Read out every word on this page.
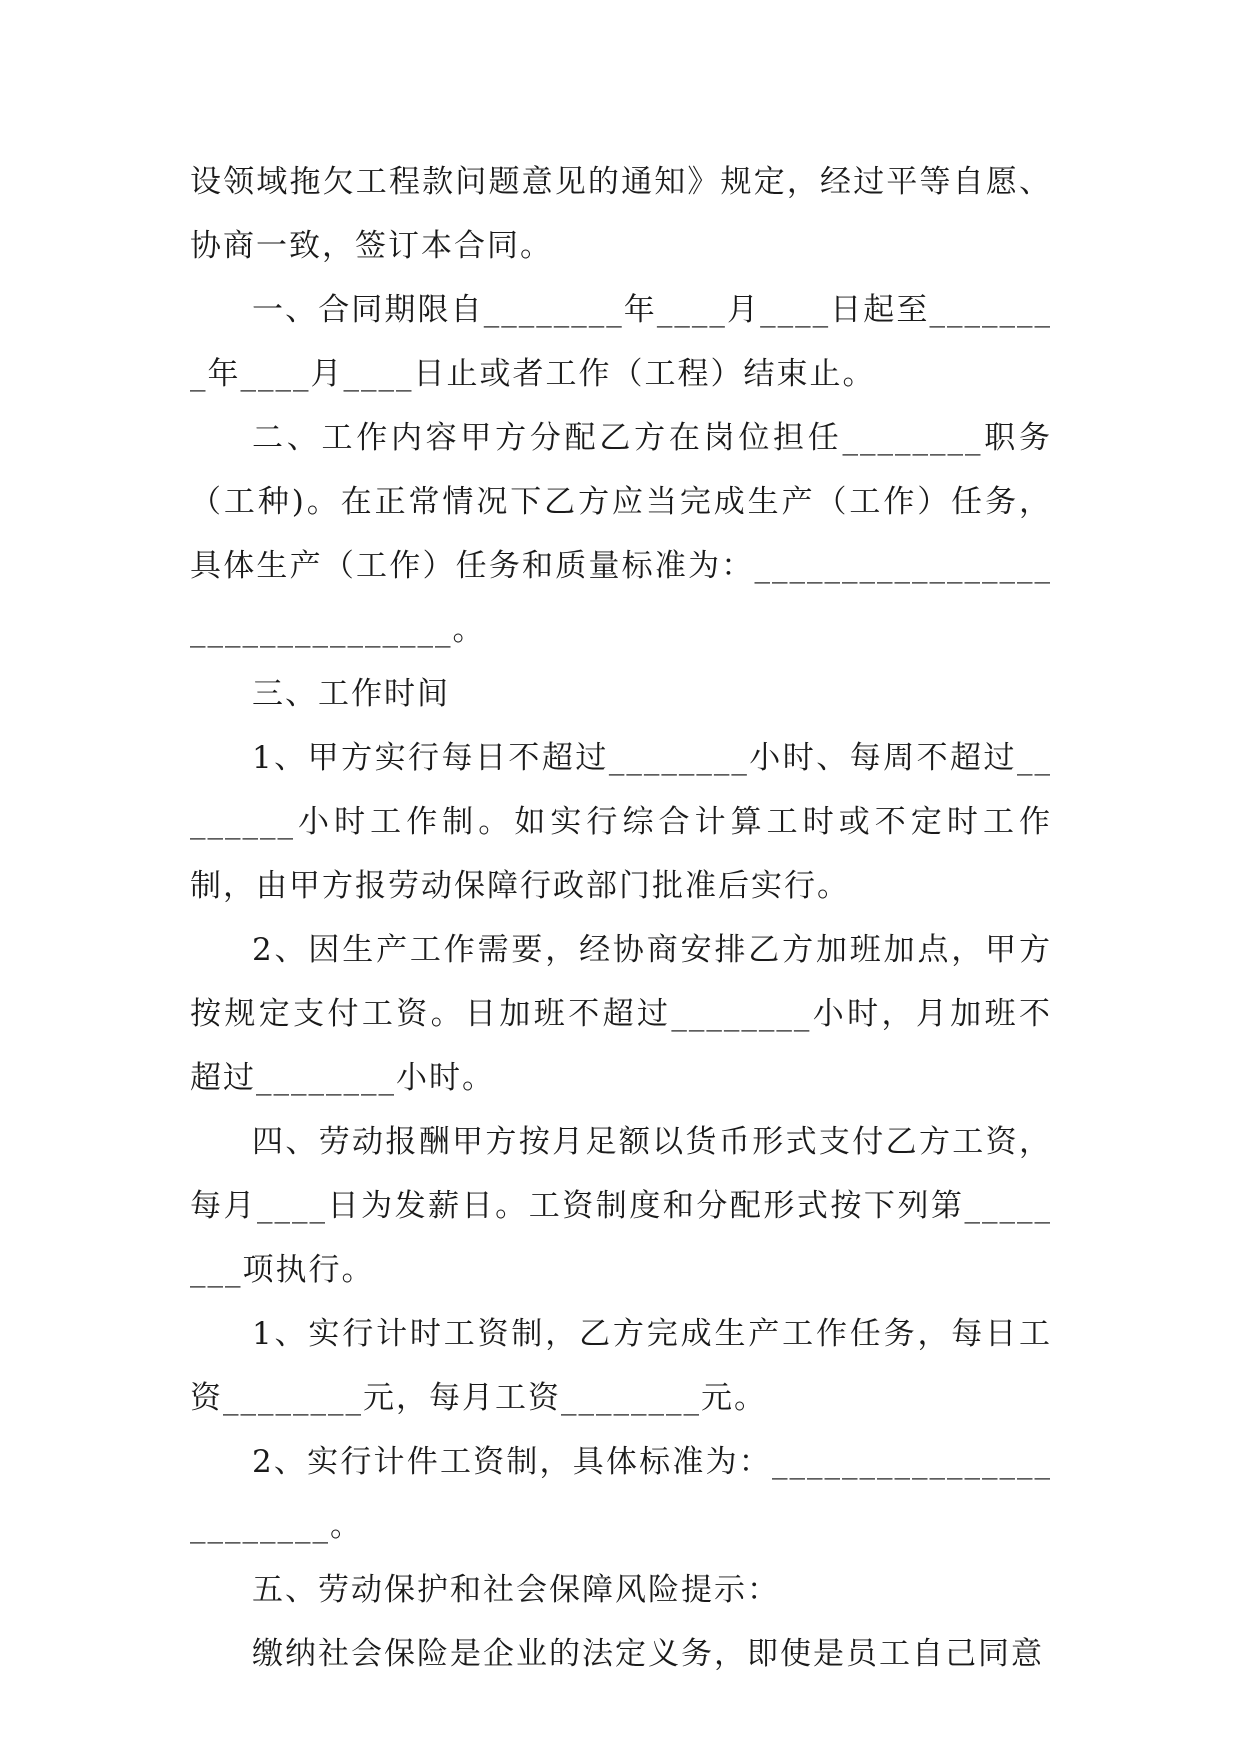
设领域拖欠工程款问题意见的通知》规定，经过平等自愿、协商一致，签订本合同。

一、合同期限自________年____月____日起至________年____月____日止或者工作（工程）结束止。

二、工作内容甲方分配乙方在岗位担任________职务（工种)。在正常情况下乙方应当完成生产（工作）任务，具体生产（工作）任务和质量标准为：________________________________。

三、工作时间

1、甲方实行每日不超过________小时、每周不超过________小时工作制。如实行综合计算工时或不定时工作制，由甲方报劳动保障行政部门批准后实行。

2、因生产工作需要，经协商安排乙方加班加点，甲方按规定支付工资。日加班不超过________小时，月加班不超过________小时。

四、劳动报酬甲方按月足额以货币形式支付乙方工资，每月____日为发薪日。工资制度和分配形式按下列第________项执行。

1、实行计时工资制，乙方完成生产工作任务，每日工资________元，每月工资________元。

2、实行计件工资制，具体标准为：________________________。

五、劳动保护和社会保障风险提示：

缴纳社会保险是企业的法定义务，即使是员工自己同意
